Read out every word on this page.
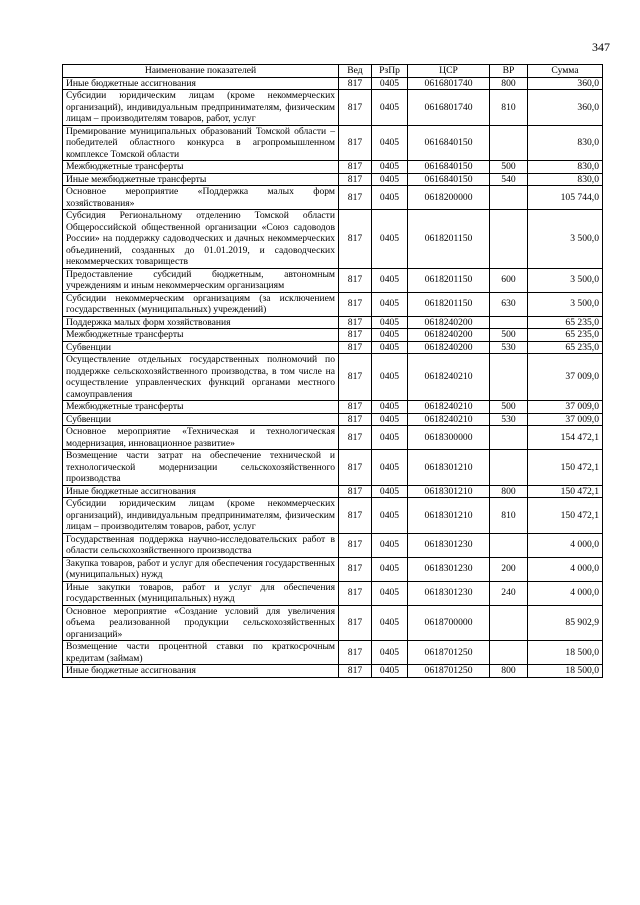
347
Наименование показателей	Вед	РзПр	ЦСР	ВР	Сумма
Иные бюджетные ассигнования	817	0405	0616801740	800	360,0
Субсидии юридическим лицам (кроме некоммерческих организаций), индивидуальным предпринимателям, физическим лицам – производителям товаров, работ, услуг	817	0405	0616801740	810	360,0
Премирование муниципальных образований Томской области – победителей областного конкурса в агропромышленном комплексе Томской области	817	0405	0616840150		830,0
Межбюджетные трансферты	817	0405	0616840150	500	830,0
Иные межбюджетные трансферты	817	0405	0616840150	540	830,0
Основное мероприятие «Поддержка малых форм хозяйствования»	817	0405	0618200000		105 744,0
Субсидия Региональному отделению Томской области Общероссийской общественной организации «Союз садоводов России» на поддержку садоводческих и дачных некоммерческих объединений, созданных до 01.01.2019, и садоводческих некоммерческих товариществ	817	0405	0618201150		3 500,0
Предоставление субсидий бюджетным, автономным учреждениям и иным некоммерческим организациям	817	0405	0618201150	600	3 500,0
Субсидии некоммерческим организациям (за исключением государственных (муниципальных) учреждений)	817	0405	0618201150	630	3 500,0
Поддержка малых форм хозяйствования	817	0405	0618240200		65 235,0
Межбюджетные трансферты	817	0405	0618240200	500	65 235,0
Субвенции	817	0405	0618240200	530	65 235,0
Осуществление отдельных государственных полномочий по поддержке сельскохозяйственного производства, в том числе на осуществление управленческих функций органами местного самоуправления	817	0405	0618240210		37 009,0
Межбюджетные трансферты	817	0405	0618240210	500	37 009,0
Субвенции	817	0405	0618240210	530	37 009,0
Основное мероприятие «Техническая и технологическая модернизация, инновационное развитие»	817	0405	0618300000		154 472,1
Возмещение части затрат на обеспечение технической и технологической модернизации сельскохозяйственного производства	817	0405	0618301210		150 472,1
Иные бюджетные ассигнования	817	0405	0618301210	800	150 472,1
Субсидии юридическим лицам (кроме некоммерческих организаций), индивидуальным предпринимателям, физическим лицам – производителям товаров, работ, услуг	817	0405	0618301210	810	150 472,1
Государственная поддержка научно-исследовательских работ в области сельскохозяйственного производства	817	0405	0618301230		4 000,0
Закупка товаров, работ и услуг для обеспечения государственных (муниципальных) нужд	817	0405	0618301230	200	4 000,0
Иные закупки товаров, работ и услуг для обеспечения государственных (муниципальных) нужд	817	0405	0618301230	240	4 000,0
Основное мероприятие «Создание условий для увеличения объема реализованной продукции сельскохозяйственных организаций»	817	0405	0618700000		85 902,9
Возмещение части процентной ставки по краткосрочным кредитам (займам)	817	0405	0618701250		18 500,0
Иные бюджетные ассигнования	817	0405	0618701250	800	18 500,0
